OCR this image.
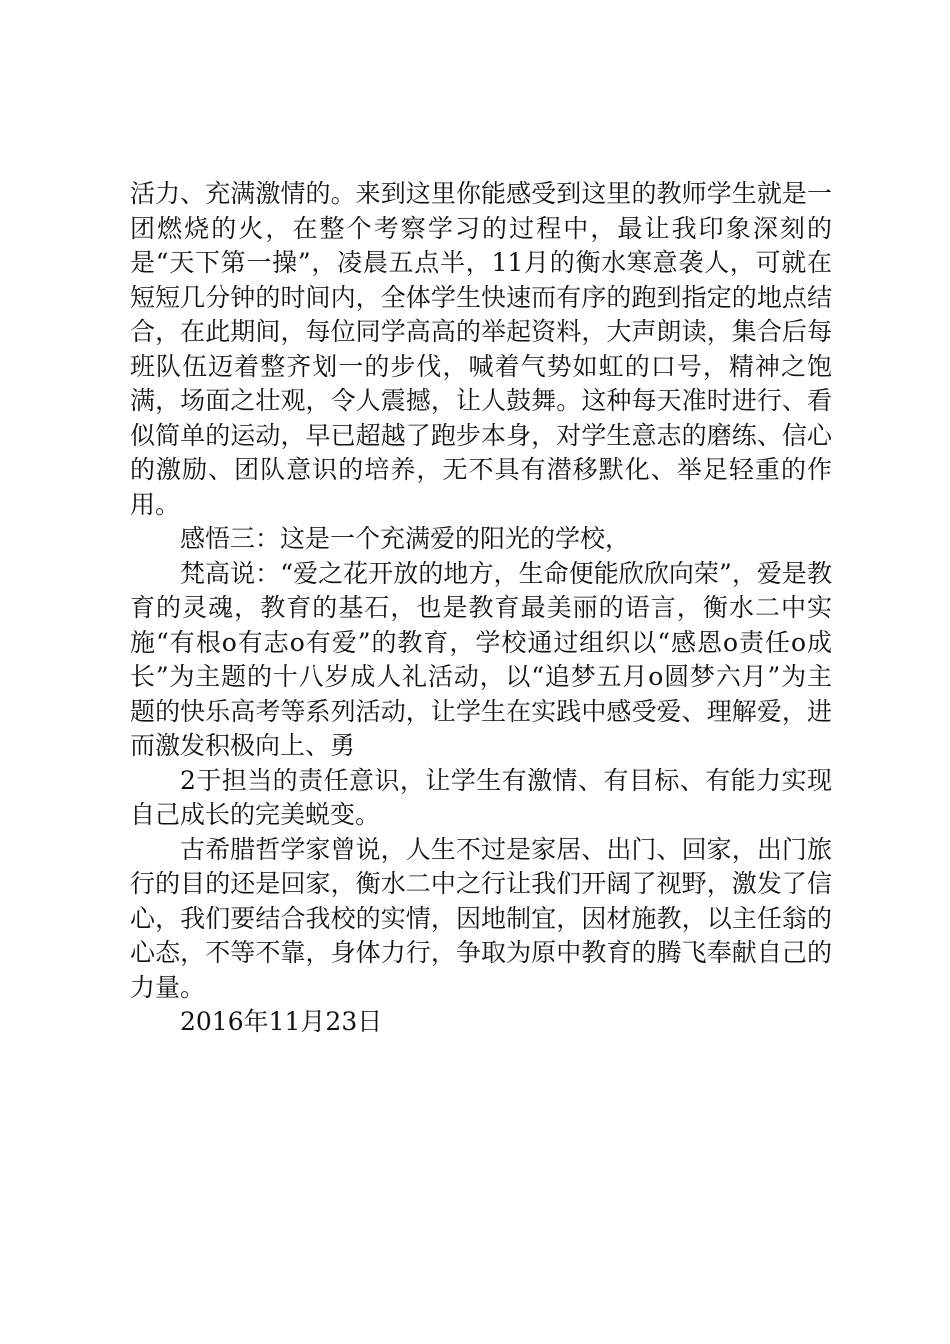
活力、充满激情的。来到这里你能感受到这里的教师学生就是一团燃烧的火，在整个考察学习的过程中，最让我印象深刻的是“天下第一操”，凌晨五点半，11月的衡水寒意袭人，可就在短短几分钟的时间内，全体学生快速而有序的跑到指定的地点结合，在此期间，每位同学高高的举起资料，大声朗读，集合后每班队伍迈着整齐划一的步伐，喊着气势如虹的口号，精神之饱满，场面之壮观，令人震撼，让人鼓舞。这种每天准时进行、看似简单的运动，早已超越了跑步本身，对学生意志的磨练、信心的激励、团队意识的培养，无不具有潜移默化、举足轻重的作用。

感悟三：这是一个充满爱的阳光的学校，

梵高说：“爱之花开放的地方，生命便能欣欣向荣”，爱是教育的灵魂，教育的基石，也是教育最美丽的语言，衡水二中实施“有根o有志o有爱”的教育，学校通过组织以“感恩o责任o成长”为主题的十八岁成人礼活动，以“追梦五月o圆梦六月”为主题的快乐高考等系列活动，让学生在实践中感受爱、理解爱，进而激发积极向上、勇

2于担当的责任意识，让学生有激情、有目标、有能力实现自己成长的完美蜕变。

古希腊哲学家曾说，人生不过是家居、出门、回家，出门旅行的目的还是回家，衡水二中之行让我们开阔了视野，激发了信心，我们要结合我校的实情，因地制宜，因材施教，以主任翁的心态，不等不靠，身体力行，争取为原中教育的腾飞奉献自己的力量。

2016年11月23日
